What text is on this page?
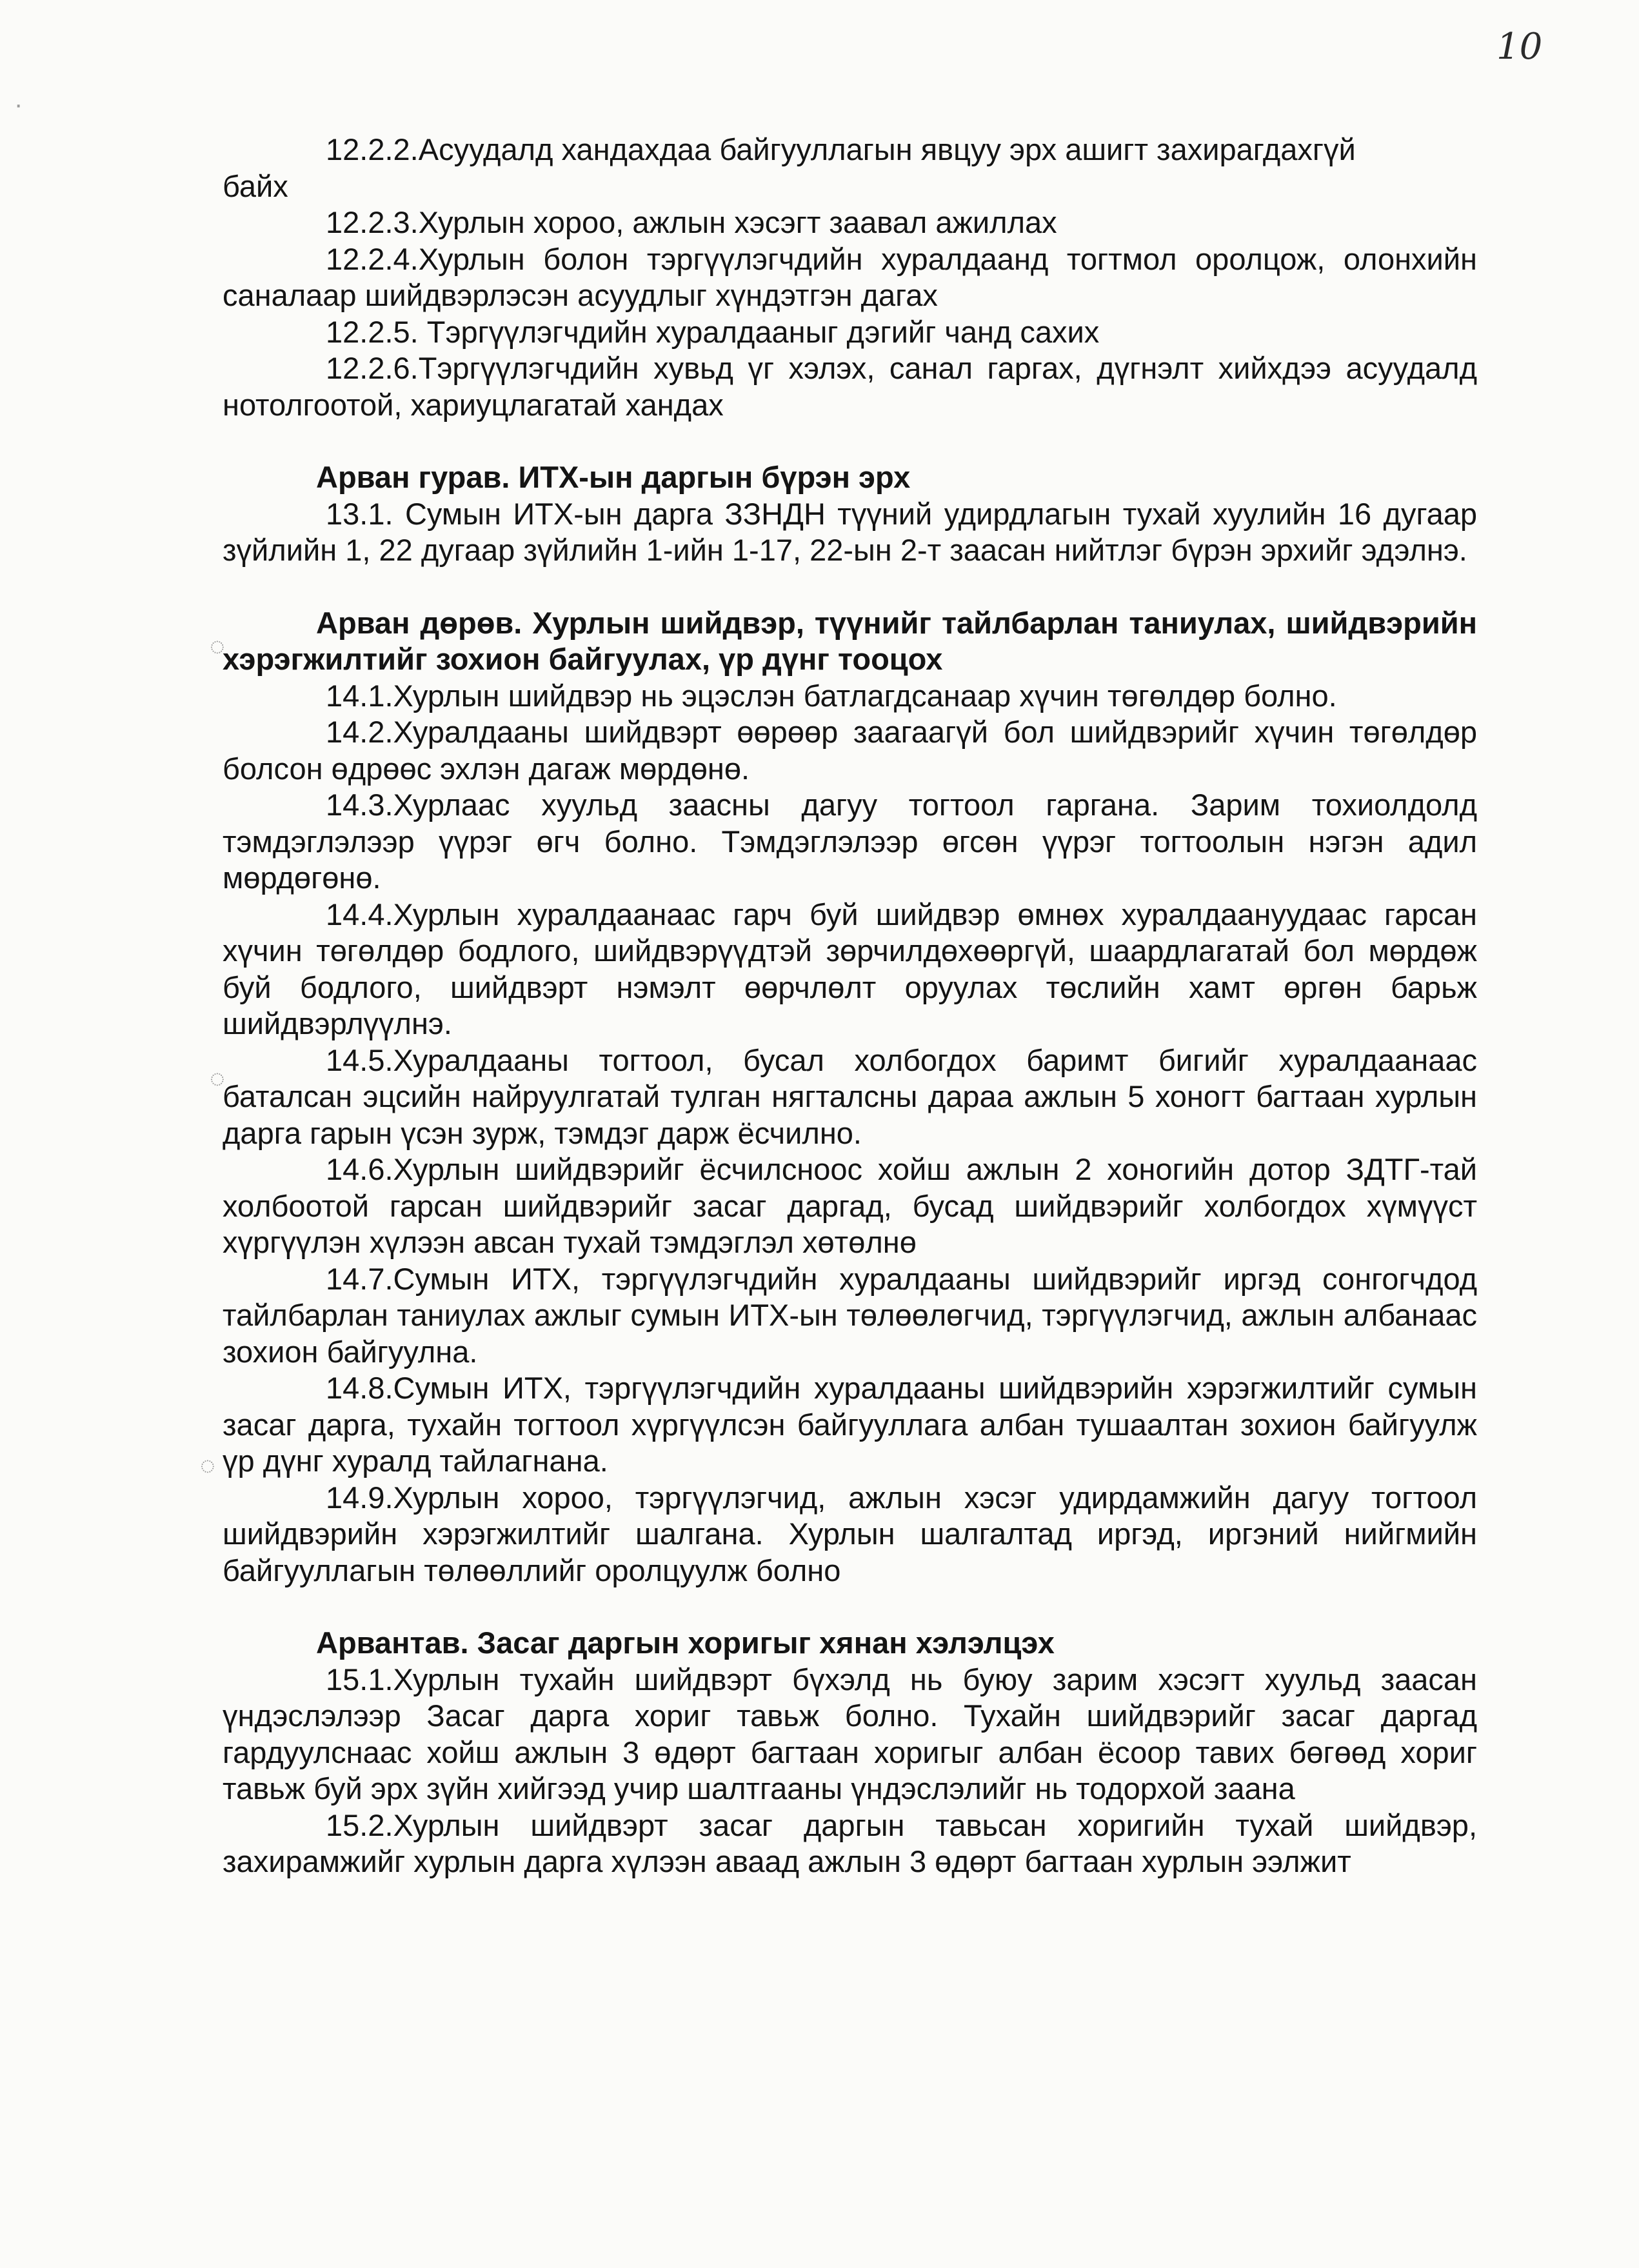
10
·
◌
◌
◌

12.2.2.Асуудалд хандахдаа байгууллагын явцуу эрх ашигт захирагдахгүй

байх

12.2.3.Хурлын хороо, ажлын хэсэгт заавал ажиллах

12.2.4.Хурлын болон тэргүүлэгчдийн хуралдаанд тогтмол оролцож, олонхийн саналаар шийдвэрлэсэн асуудлыг хүндэтгэн дагах

12.2.5. Тэргүүлэгчдийн хуралдааныг дэгийг чанд сахих

12.2.6.Тэргүүлэгчдийн хувьд үг хэлэх, санал гаргах, дүгнэлт хийхдээ асуудалд нотолгоотой, хариуцлагатай хандах

Арван гурав. ИТХ-ын даргын бүрэн эрх

13.1. Сумын ИТХ-ын дарга ЗЗНДН түүний удирдлагын тухай хуулийн 16 дугаар зүйлийн 1, 22 дугаар зүйлийн 1-ийн 1-17, 22-ын 2-т заасан нийтлэг бүрэн эрхийг эдэлнэ.

Арван дөрөв. Хурлын шийдвэр, түүнийг тайлбарлан таниулах, шийдвэрийн хэрэгжилтийг зохион байгуулах, үр дүнг тооцох

14.1.Хурлын шийдвэр нь эцэслэн батлагдсанаар хүчин төгөлдөр болно.

14.2.Хуралдааны шийдвэрт өөрөөр заагаагүй бол шийдвэрийг хүчин төгөлдөр болсон өдрөөс эхлэн дагаж мөрдөнө.

14.3.Хурлаас хуульд заасны дагуу тогтоол гаргана. Зарим тохиолдолд тэмдэглэлээр үүрэг өгч болно. Тэмдэглэлээр өгсөн үүрэг тогтоолын нэгэн адил мөрдөгөнө.

14.4.Хурлын хуралдаанаас гарч буй шийдвэр өмнөх хуралдаануудаас гарсан хүчин төгөлдөр бодлого, шийдвэрүүдтэй зөрчилдөхөөргүй, шаардлагатай бол мөрдөж буй бодлого, шийдвэрт нэмэлт өөрчлөлт оруулах төслийн хамт өргөн барьж шийдвэрлүүлнэ.

14.5.Хуралдааны тогтоол, бусал холбогдох баримт бигийг хуралдаанаас баталсан эцсийн найруулгатай тулган нягталсны дараа ажлын 5 хоногт багтаан хурлын дарга гарын үсэн зурж, тэмдэг дарж ёсчилно.

14.6.Хурлын шийдвэрийг ёсчилсноос хойш ажлын 2 хоногийн дотор ЗДТГ-тай холбоотой гарсан шийдвэрийг засаг даргад, бусад шийдвэрийг холбогдох хүмүүст хүргүүлэн хүлээн авсан тухай тэмдэглэл хөтөлнө

14.7.Сумын ИТХ, тэргүүлэгчдийн хуралдааны шийдвэрийг иргэд сонгогчдод тайлбарлан таниулах ажлыг сумын ИТХ-ын төлөөлөгчид, тэргүүлэгчид, ажлын албанаас зохион байгуулна.

14.8.Сумын ИТХ, тэргүүлэгчдийн хуралдааны шийдвэрийн хэрэгжилтийг сумын засаг дарга, тухайн тогтоол хүргүүлсэн байгууллага албан тушаалтан зохион байгуулж үр дүнг хуралд тайлагнана.

14.9.Хурлын хороо, тэргүүлэгчид, ажлын хэсэг удирдамжийн дагуу тогтоол шийдвэрийн хэрэгжилтийг шалгана. Хурлын шалгалтад иргэд, иргэний нийгмийн байгууллагын төлөөллийг оролцуулж болно

Арвантав. Засаг даргын хоригыг хянан хэлэлцэх

15.1.Хурлын тухайн шийдвэрт бүхэлд нь буюу зарим хэсэгт хуульд заасан үндэслэлээр Засаг дарга хориг тавьж болно. Тухайн шийдвэрийг засаг даргад гардуулснаас хойш ажлын 3 өдөрт багтаан хоригыг албан ёсоор тавих бөгөөд хориг тавьж буй эрх зүйн хийгээд учир шалтгааны үндэслэлийг нь тодорхой заана

15.2.Хурлын шийдвэрт засаг даргын тавьсан хоригийн тухай шийдвэр, захирамжийг хурлын дарга хүлээн аваад ажлын 3 өдөрт багтаан хурлын ээлжит
